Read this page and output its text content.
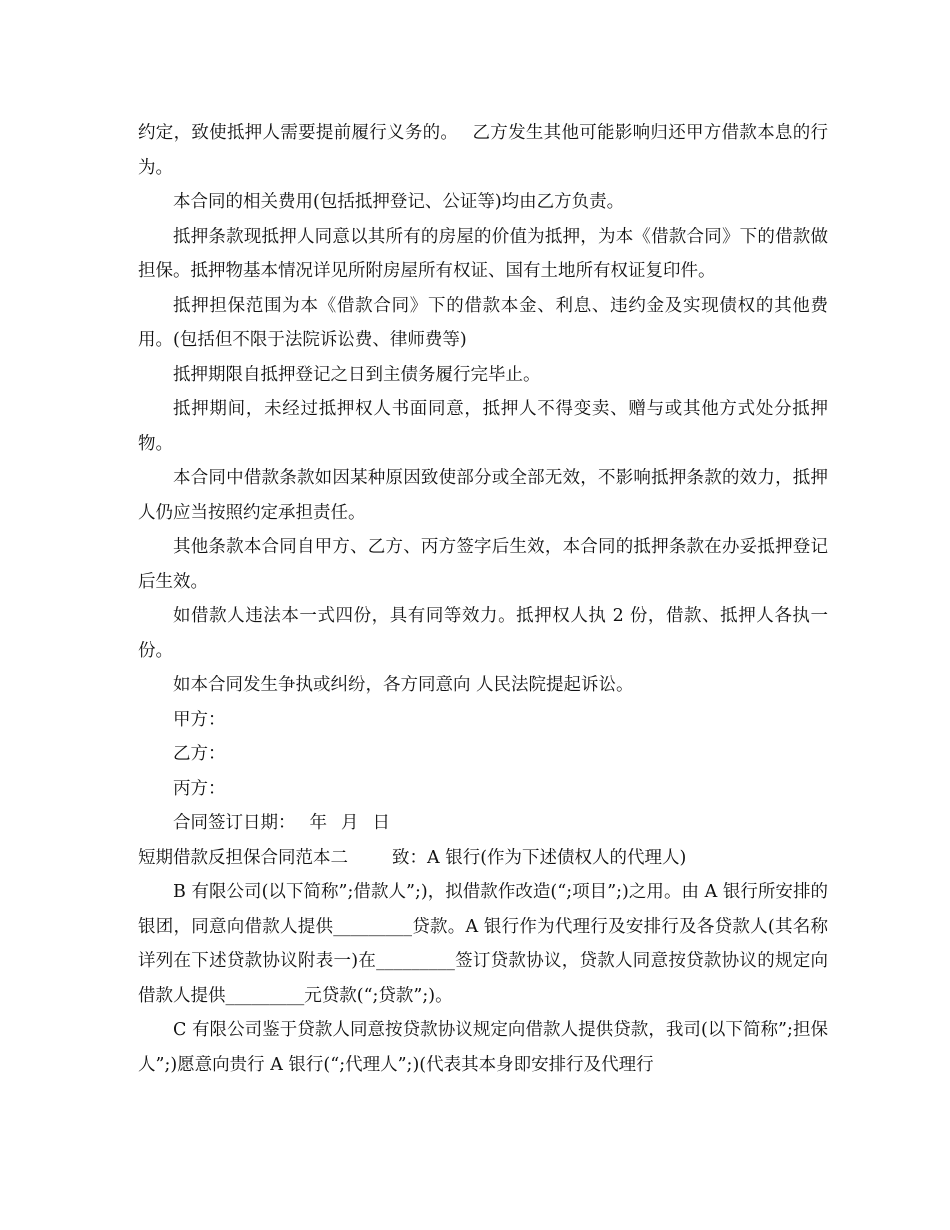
约定，致使抵押人需要提前履行义务的。 乙方发生其他可能影响归还甲方借款本息的行为。

本合同的相关费用(包括抵押登记、公证等)均由乙方负责。

抵押条款现抵押人同意以其所有的房屋的价值为抵押，为本《借款合同》下的借款做担保。抵押物基本情况详见所附房屋所有权证、国有土地所有权证复印件。

抵押担保范围为本《借款合同》下的借款本金、利息、违约金及实现债权的其他费用。(包括但不限于法院诉讼费、律师费等)

抵押期限自抵押登记之日到主债务履行完毕止。

抵押期间，未经过抵押权人书面同意，抵押人不得变卖、赠与或其他方式处分抵押物。

本合同中借款条款如因某种原因致使部分或全部无效，不影响抵押条款的效力，抵押人仍应当按照约定承担责任。

其他条款本合同自甲方、乙方、丙方签字后生效，本合同的抵押条款在办妥抵押登记后生效。

如借款人违法本一式四份，具有同等效力。抵押权人执 2 份，借款、抵押人各执一份。

如本合同发生争执或纠纷，各方同意向 人民法院提起诉讼。

甲方：

乙方：

丙方：

合同签订日期： 年 月 日

短期借款反担保合同范本二	致：A 银行(作为下述债权人的代理人)

B 有限公司(以下简称”;借款人”;)，拟借款作改造(“;项目”;)之用。由 A 银行所安排的银团，同意向借款人提供_________贷款。A 银行作为代理行及安排行及各贷款人(其名称详列在下述贷款协议附表一)在_________签订贷款协议，贷款人同意按贷款协议的规定向借款人提供_________元贷款(“;贷款”;)。

C 有限公司鉴于贷款人同意按贷款协议规定向借款人提供贷款，我司(以下简称”;担保人”;)愿意向贵行 A 银行(“;代理人”;)(代表其本身即安排行及代理行
